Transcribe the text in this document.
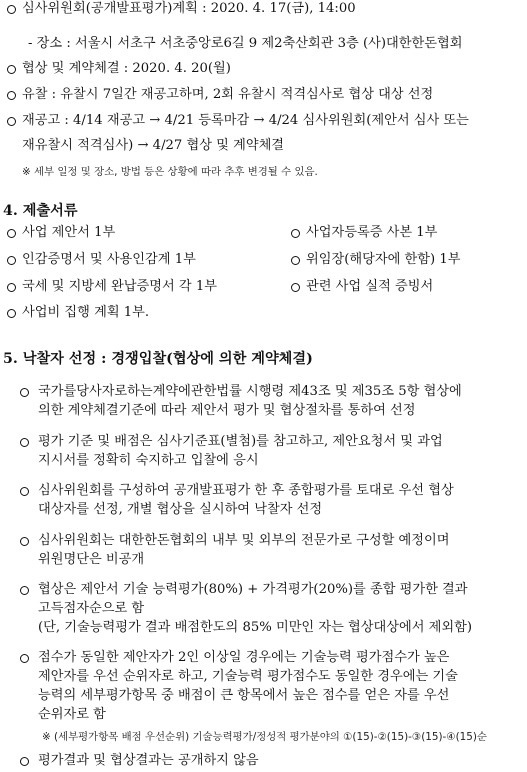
심사위원회(공개발표평가)계획 : 2020. 4. 17(금), 14:00
- 장소 : 서울시 서초구 서초중앙로6길 9 제2축산회관 3층 (사)대한한돈협회
협상 및 계약체결 : 2020. 4. 20(월)
유찰 : 유찰시 7일간 재공고하며, 2회 유찰시 적격심사로 협상 대상 선정
재공고 : 4/14 재공고 → 4/21 등록마감 → 4/24 심사위원회(제안서 심사 또는
재유찰시 적격심사) → 4/27 협상 및 계약체결
※ 세부 일정 및 장소, 방법 등은 상황에 따라 추후 변경될 수 있음.
4. 제출서류
사업 제안서 1부	사업자등록증 사본 1부
인감증명서 및 사용인감계 1부	위임장(해당자에 한함) 1부
국세 및 지방세 완납증명서 각 1부	관련 사업 실적 증빙서
사업비 집행 계획 1부.
5. 낙찰자 선정 : 경쟁입찰(협상에 의한 계약체결)
국가를당사자로하는계약에관한법률 시행령 제43조 및 제35조 5항 협상에
의한 계약체결기준에 따라 제안서 평가 및 협상절차를 통하여 선정
평가 기준 및 배점은 심사기준표(별첨)를 참고하고, 제안요청서 및 과업
지시서를 정확히 숙지하고 입찰에 응시
심사위원회를 구성하여 공개발표평가 한 후 종합평가를 토대로 우선 협상
대상자를 선정, 개별 협상을 실시하여 낙찰자 선정
심사위원회는 대한한돈협회의 내부 및 외부의 전문가로 구성할 예정이며
위원명단은 비공개
협상은 제안서 기술 능력평가(80%) + 가격평가(20%)를 종합 평가한 결과
고득점자순으로 함
(단, 기술능력평가 결과 배점한도의 85% 미만인 자는 협상대상에서 제외함)
점수가 동일한 제안자가 2인 이상일 경우에는 기술능력 평가점수가 높은
제안자를 우선 순위자로 하고, 기술능력 평가점수도 동일한 경우에는 기술
능력의 세부평가항목 중 배점이 큰 항목에서 높은 점수를 얻은 자를 우선
순위자로 함
※ (세부평가항목 배점 우선순위) 기술능력평가/정성적 평가분야의 ①(15)-②(15)-③(15)-④(15)순
평가결과 및 협상결과는 공개하지 않음
